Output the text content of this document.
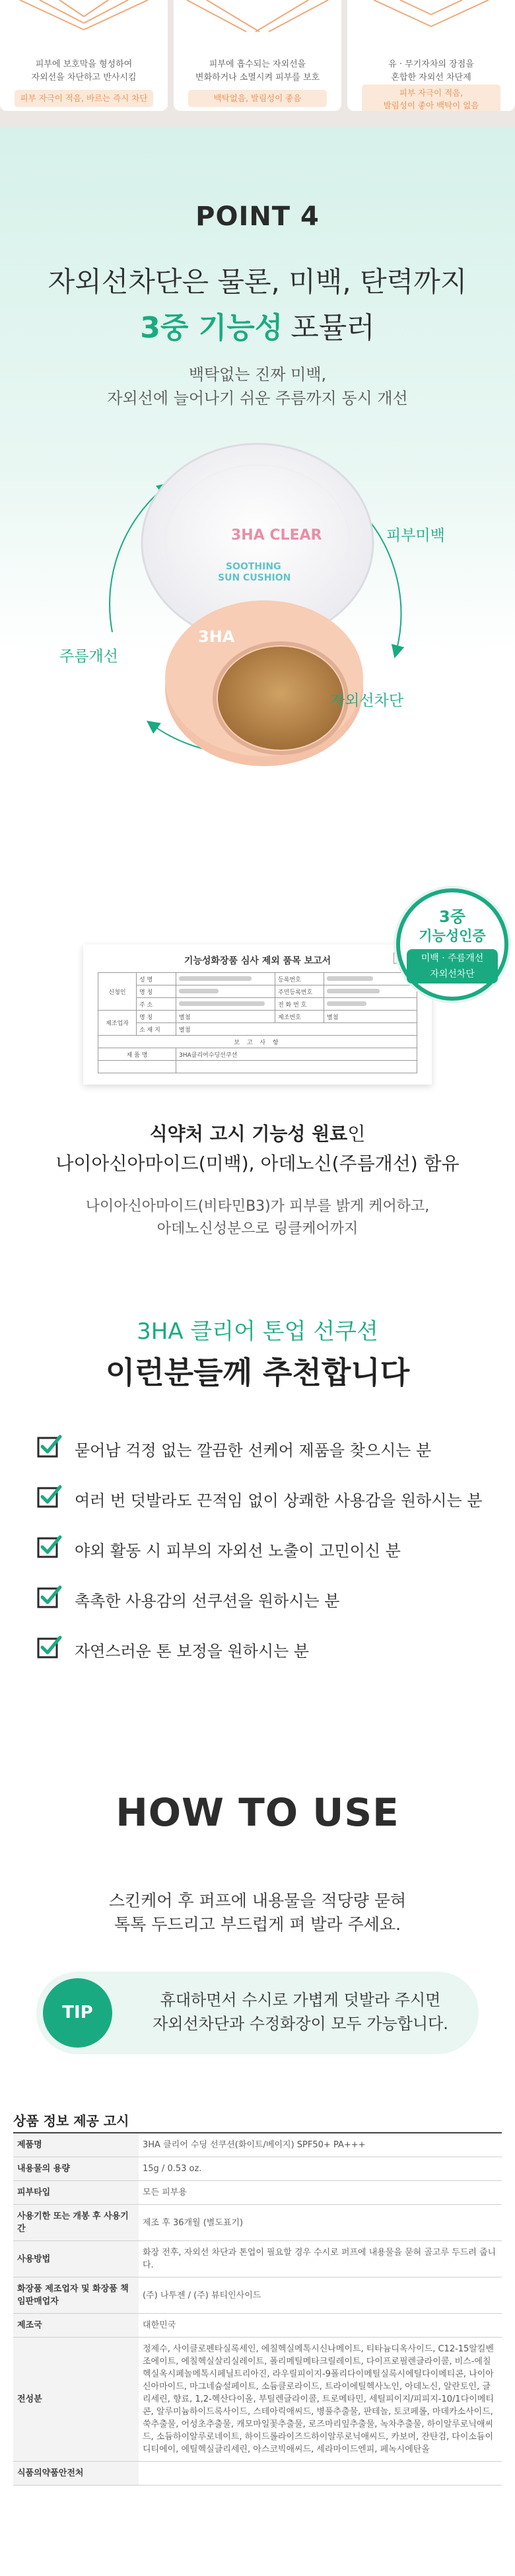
피부에 보호막을 형성하여
자외선을 차단하고 반사시킴
피부 자극이 적음, 바르는 즉시 차단
피부에 흡수되는 자외선을
변화하거나 소멸시켜 피부를 보호
백탁없음, 발림성이 좋음
유 · 무기자차의 장점을
혼합한 자외선 차단제
피부 자극이 적음,
발림성이 좋아 백탁이 없음
POINT 4
자외선차단은 물론, 미백, 탄력까지
3중 기능성 포뮬러
백탁없는 진짜 미백,
자외선에 늘어나기 쉬운 주름까지 동시 개선
3HA CLEAR
SOOTHING
SUN CUSHION
3HA
피부미백
주름개선
자외선차단
3중
기능성인증
미백 · 주름개선
자외선차단
기능성화장품 심사 제외 품목 보고서
신청인	성 명		등록번호	
	명 칭		주민등록번호	
	주 소		전 화 번 호	
제조업자	명 칭	별첨	제조번호	별첨
	소 재 지	별첨		
보 고 사 항				
제 품 명		3HA클리어수딩선쿠션		

식약처 고시 기능성 원료인
나이아신아마이드(미백), 아데노신(주름개선) 함유
나이아신아마이드(비타민B3)가 피부를 밝게 케어하고,
아데노신성분으로 링클케어까지
3HA 클리어 톤업 선쿠션
이런분들께 추천합니다
묻어남 걱정 없는 깔끔한 선케어 제품을 찾으시는 분
여러 번 덧발라도 끈적임 없이 상쾌한 사용감을 원하시는 분
야외 활동 시 피부의 자외선 노출이 고민이신 분
촉촉한 사용감의 선쿠션을 원하시는 분
자연스러운 톤 보정을 원하시는 분
HOW TO USE
스킨케어 후 퍼프에 내용물을 적당량 묻혀
톡톡 두드리고 부드럽게 펴 발라 주세요.
TIP
휴대하면서 수시로 가볍게 덧발라 주시면
자외선차단과 수정화장이 모두 가능합니다.
상품 정보 제공 고시
제품명	3HA 클리어 수딩 선쿠션(화이트/베이지) SPF50+ PA+++
내용물의 용량	15g / 0.53 oz.
피부타입	모든 피부용
사용기한 또는 개봉 후 사용기간	제조 후 36개월 (별도표기)
사용방법	화장 전후, 자외선 차단과 톤업이 필요할 경우 수시로 퍼프에 내용물을 묻혀 골고루 두드려 줍니다.
화장품 제조업자 및 화장품 책임판매업자	(주) 나투젠 / (주) 뷰티인사이드
제조국	대한민국
전성분	정제수, 사이클로펜타실록세인, 에칠헥실메톡시신나메이트, 티타늄디옥사이드, C12-15알킬벤조에이트, 에칠헥실살리실레이트, 폴리메틸메타크릴레이트, 다이프로필렌글라이콜, 비스-에칠헥실옥시페놀메톡시페닐트리아진, 라우릴피이지-9폴리다이메틸실록시에틸다이메티콘, 나이아신아마이드, 마그네슘설페이트, 소듐클로라이드, 트라이에틸헥사노인, 아데노신, 알란토인, 글리세린, 향료, 1,2-헥산다이올, 부틸렌글라이콜, 트로메타민, 세틸피이지/피피지-10/1다이메티콘, 알루미늄하이드록사이드, 스테아릭애씨드, 병풀추출물, 판테놀, 토코페롤, 마데카소사이드, 쑥추출물, 어성초추출물, 캐모마일꽃추출물, 로즈마리잎추출물, 녹차추출물, 하이알루로닉애씨드, 소듐하이알루로네이트, 하이드롤라이즈드하이알루로닉애씨드, 카보머, 잔탄검, 다이소듐이디티에이, 에틸헥실글리세린, 아스코빅애씨드, 세라마이드엔피, 페녹시에탄올
식품의약품안전처	
